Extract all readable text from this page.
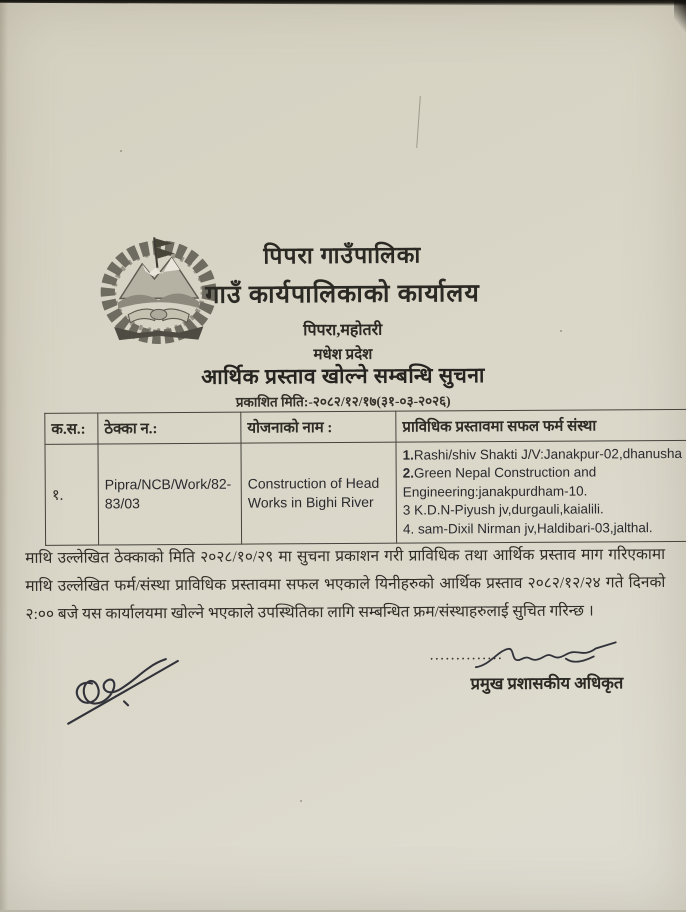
पिपरा गाउँपालिका
गाउँ कार्यपालिकाको कार्यालय
पिपरा,महोतरी
मधेश प्रदेश
आर्थिक प्रस्ताव खोल्ने सम्बन्धि सुचना
प्रकाशित मिति:-२०८२/१२/१७(३१-०३-२०२६)
क.स.:	ठेक्का न.:	योजनाको नाम :	प्राविधिक प्रस्तावमा सफल फर्म संस्था
१.	Pipra/NCB/Work/82-83/03	Construction of Head Works in Bighi River	1.Rashi/shiv Shakti J/V:Janakpur-02,dhanusha
2.Green Nepal Construction and Engineering:janakpurdham-10.
3 K.D.N-Piyush jv,durgauli,kaialili.
4. sam-Dixil Nirman jv,Haldibari-03,jalthal.
माथि उल्लेखित ठेक्काको मिति २०२८/१०/२९ मा सुचना प्रकाशन गरी प्राविधिक तथा आर्थिक प्रस्ताव माग गरिएकामा माथि उल्लेखित फर्म/संस्था प्राविधिक प्रस्तावमा सफल भएकाले यिनीहरुको आर्थिक प्रस्ताव २०८२/१२/२४ गते दिनको २:०० बजे यस कार्यालयमा खोल्ने भएकाले उपस्थितिका लागि सम्बन्धित फ्रम/संस्थाहरुलाई सुचित गरिन्छ ।
..............
प्रमुख प्रशासकीय अधिकृत
